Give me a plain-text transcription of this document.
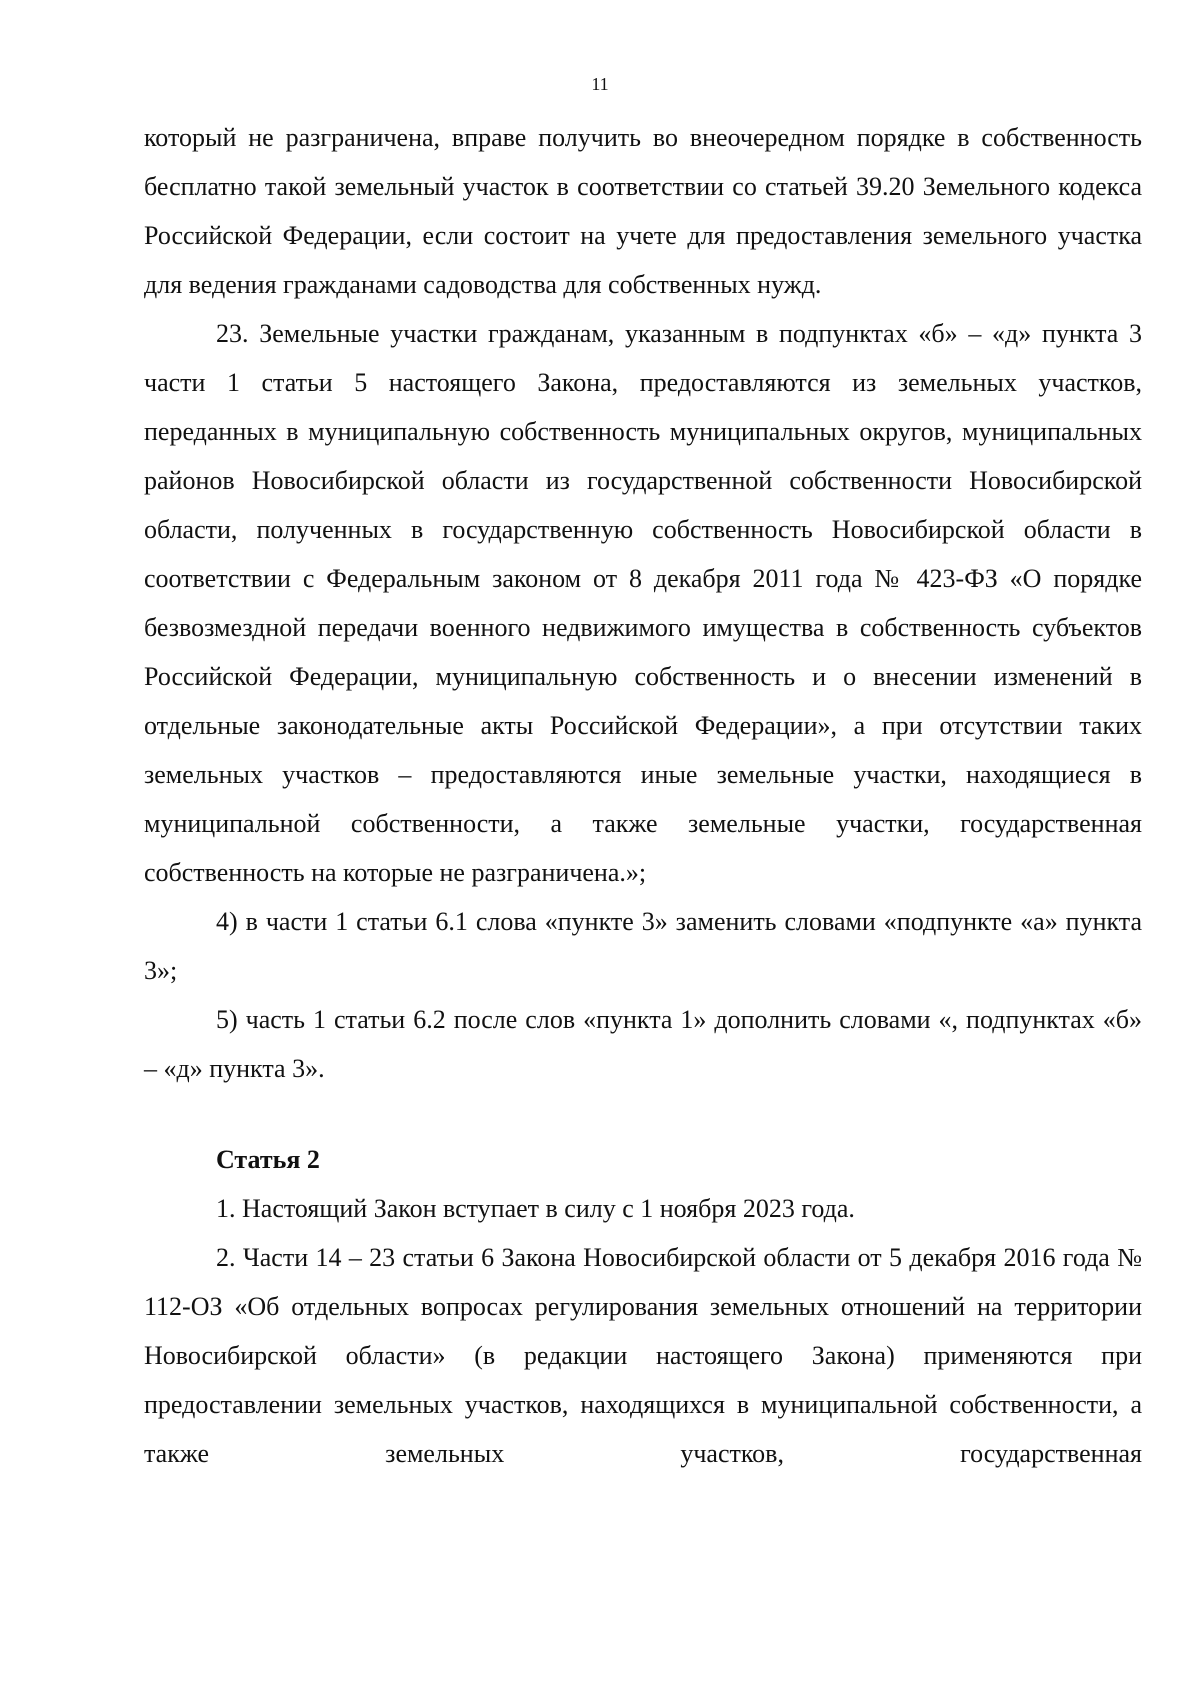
11

который не разграничена, вправе получить во внеочередном порядке в собственность бесплатно такой земельный участок в соответствии со статьей 39.20 Земельного кодекса Российской Федерации, если состоит на учете для предоставления земельного участка для ведения гражданами садоводства для собственных нужд.

23. Земельные участки гражданам, указанным в подпунктах «б» – «д» пункта 3 части 1 статьи 5 настоящего Закона, предоставляются из земельных участков, переданных в муниципальную собственность муниципальных округов, муниципальных районов Новосибирской области из государственной собственности Новосибирской области, полученных в государственную собственность Новосибирской области в соответствии с Федеральным законом от 8 декабря 2011 года № 423-ФЗ «О порядке безвозмездной передачи военного недвижимого имущества в собственность субъектов Российской Федерации, муниципальную собственность и о внесении изменений в отдельные законодательные акты Российской Федерации», а при отсутствии таких земельных участков – предоставляются иные земельные участки, находящиеся в муниципальной собственности, а также земельные участки, государственная собственность на которые не разграничена.»;

4) в части 1 статьи 6.1 слова «пункте 3» заменить словами «подпункте «а» пункта 3»;

5) часть 1 статьи 6.2 после слов «пункта 1» дополнить словами «, подпунктах «б» – «д» пункта 3».

Статья 2

1. Настоящий Закон вступает в силу с 1 ноября 2023 года.

2. Части 14 – 23 статьи 6 Закона Новосибирской области от 5 декабря 2016 года № 112-ОЗ «Об отдельных вопросах регулирования земельных отношений на территории Новосибирской области» (в редакции настоящего Закона) применяются при предоставлении земельных участков, находящихся в муниципальной собственности, а также земельных участков, государственная
